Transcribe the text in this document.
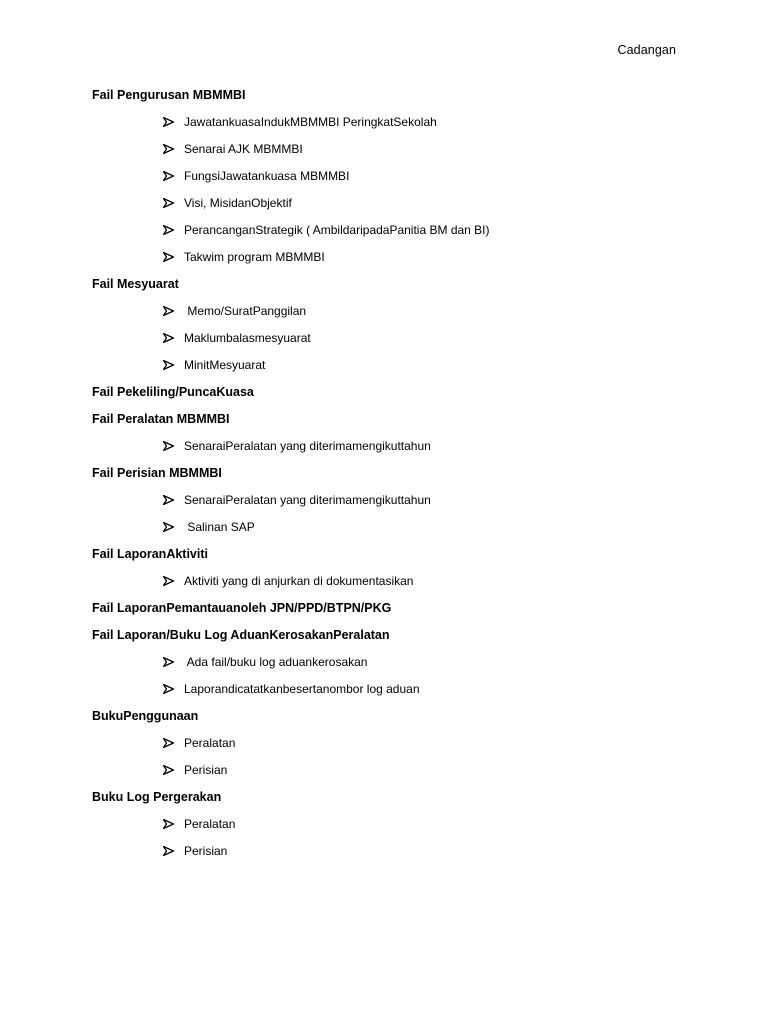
Cadangan
Fail Pengurusan MBMMBI
JawatankuasaIndukMBMMBI PeringkatSekolah
Senarai AJK MBMMBI
FungsiJawatankuasa MBMMBI
Visi, MisidanObjektif
PerancanganStrategik ( AmbildaripadaPanitia BM dan BI)
Takwim program MBMMBI
Fail Mesyuarat
Memo/SuratPanggilan
Maklumbalasmesyuarat
MinitMesyuarat
Fail Pekeliling/PuncaKuasa
Fail Peralatan MBMMBI
SenaraiPeralatan yang diterimamengikuttahun
Fail Perisian MBMMBI
SenaraiPeralatan yang diterimamengikuttahun
Salinan SAP
Fail LaporanAktiviti
Aktiviti yang di anjurkan di dokumentasikan
Fail LaporanPemantauanoleh JPN/PPD/BTPN/PKG
Fail Laporan/Buku Log AduanKerosakanPeralatan
Ada fail/buku log aduankerosakan
Laporandicatatkanbesertanombor log aduan
BukuPenggunaan
Peralatan
Perisian
Buku Log Pergerakan
Peralatan
Perisian
